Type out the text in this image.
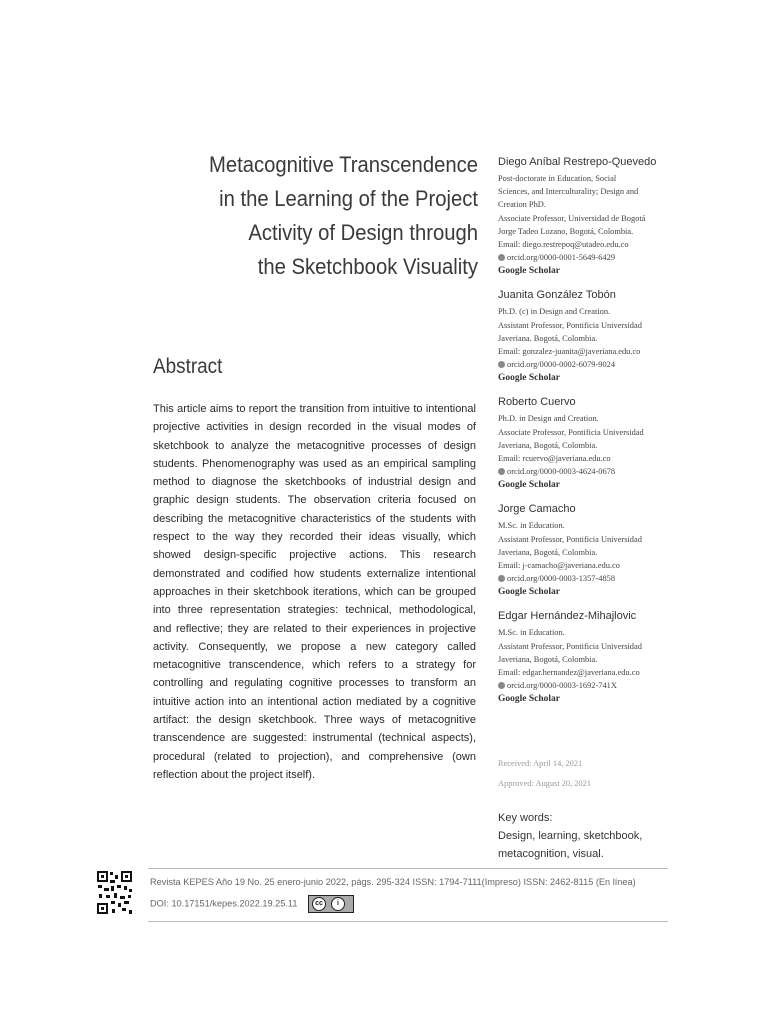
Metacognitive Transcendence
in the Learning of the Project
Activity of Design through
the Sketchbook Visuality
Abstract
This article aims to report the transition from intuitive to intentional projective activities in design recorded in the visual modes of sketchbook to analyze the metacognitive processes of design students. Phenomenography was used as an empirical sampling method to diagnose the sketchbooks of industrial design and graphic design students. The observation criteria focused on describing the metacognitive characteristics of the students with respect to the way they recorded their ideas visually, which showed design-specific projective actions. This research demonstrated and codified how students externalize intentional approaches in their sketchbook iterations, which can be grouped into three representation strategies: technical, methodological, and reflective; they are related to their experiences in projective activity. Consequently, we propose a new category called metacognitive transcendence, which refers to a strategy for controlling and regulating cognitive processes to transform an intuitive action into an intentional action mediated by a cognitive artifact: the design sketchbook. Three ways of metacognitive transcendence are suggested: instrumental (technical aspects), procedural (related to projection), and comprehensive (own reflection about the project itself).
Diego Aníbal Restrepo-Quevedo
Post-doctorate in Education, Social
Sciences, and Interculturality; Design and
Creation PhD.
Associate Professor, Universidad de Bogotá
Jorge Tadeo Lozano, Bogotá, Colombia.
Email: diego.restrepoq@utadeo.edu.co
orcid.org/0000-0001-5649-6429
Google Scholar
Juanita González Tobón
Ph.D. (c) in Design and Creation.
Assistant Professor, Pontificia Universidad
Javeriana. Bogotá, Colombia.
Email: gonzalez-juanita@javeriana.edu.co
orcid.org/0000-0002-6079-9024
Google Scholar
Roberto Cuervo
Ph.D. in Design and Creation.
Associate Professor, Pontificia Universidad
Javeriana, Bogotá, Colombia.
Email: rcuervo@javeriana.edu.co
orcid.org/0000-0003-4624-0678
Google Scholar
Jorge Camacho
M.Sc. in Education.
Assistant Professor, Pontificia Universidad
Javeriana, Bogotá, Colombia.
Email: j-camacho@javeriana.edu.co
orcid.org/0000-0003-1357-4858
Google Scholar
Edgar Hernández-Mihajlovic
M.Sc. in Education.
Assistant Professor, Pontificia Universidad
Javeriana, Bogotá, Colombia.
Email: edgar.hernandez@javeriana.edu.co
orcid.org/0000-0003-1692-741X
Google Scholar
Received: April 14, 2021
Approved: August 20, 2021
Key words:
Design, learning, sketchbook,
metacognition, visual.
Revista KEPES Año 19 No. 25 enero-junio 2022, págs. 295-324 ISSN: 1794-7111(Impreso) ISSN: 2462-8115 (En línea)
DOI: 10.17151/kepes.2022.19.25.11	cc	i
